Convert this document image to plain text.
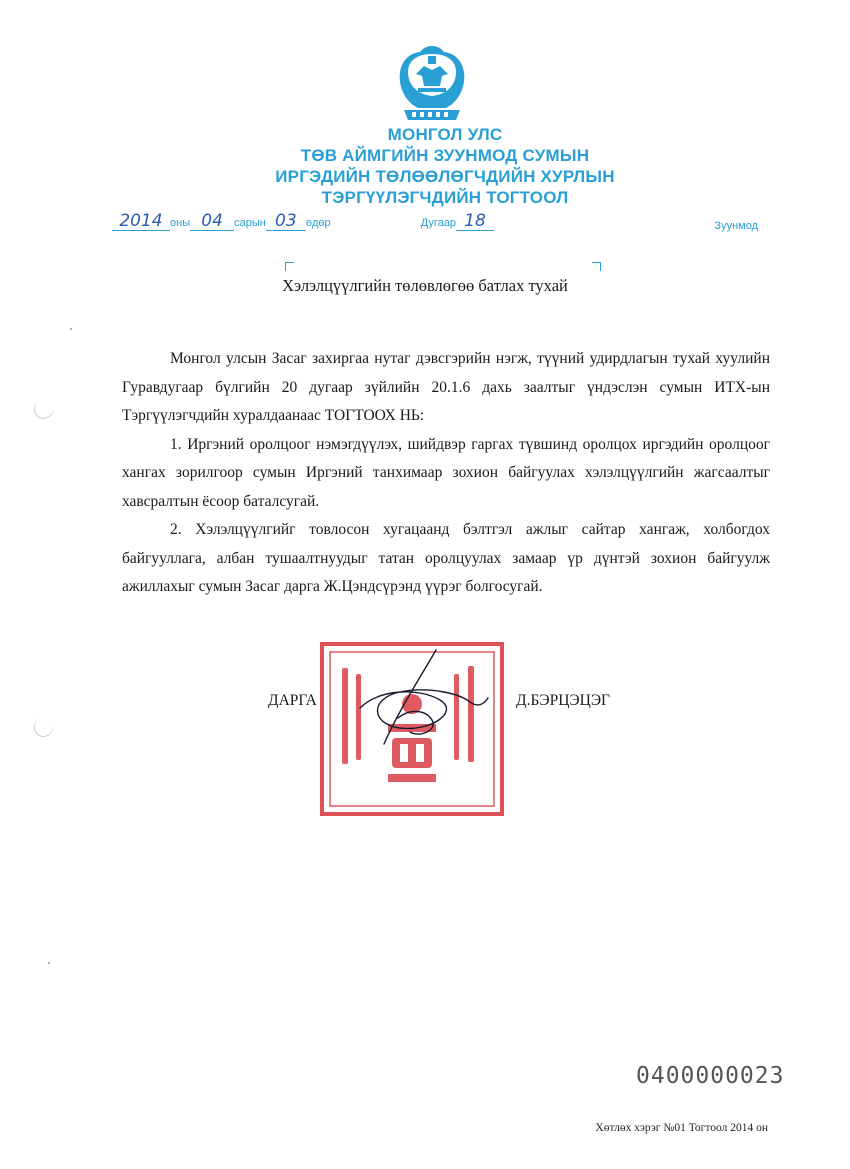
МОНГОЛ УЛС
ТӨВ АЙМГИЙН ЗУУНМОД СУМЫН
ИРГЭДИЙН ТӨЛӨӨЛӨГЧДИЙН ХУРЛЫН
ТЭРГҮҮЛЭГЧДИЙН ТОГТООЛ
2014 оны 04 сарын 03 өдөр	Дугаар 18	Зуунмод
Хэлэлцүүлгийн төлөвлөгөө батлах тухай

Монгол улсын Засаг захиргаа нутаг дэвсгэрийн нэгж, түүний удирдлагын тухай хуулийн Гуравдугаар бүлгийн 20 дугаар зүйлийн 20.1.6 дахь заалтыг үндэслэн сумын ИТХ-ын Тэргүүлэгчдийн хуралдаанаас ТОГТООХ НЬ:

1. Иргэний оролцоог нэмэгдүүлэх, шийдвэр гаргах түвшинд оролцох иргэдийн оролцоог хангах зорилгоор сумын Иргэний танхимаар зохион байгуулах хэлэлцүүлгийн жагсаалтыг хавсралтын ёсоор баталсугай.

2. Хэлэлцүүлгийг товлосон хугацаанд бэлтгэл ажлыг сайтар хангаж, холбогдох байгууллага, албан тушаалтнуудыг татан оролцуулах замаар үр дүнтэй зохион байгуулж ажиллахыг сумын Засаг дарга Ж.Цэндсүрэнд үүрэг болгосугай.

ДАРГА	Д.БЭРЦЭЦЭГ
0400000023
Хөтлөх хэрэг №01 Тогтоол 2014 он
